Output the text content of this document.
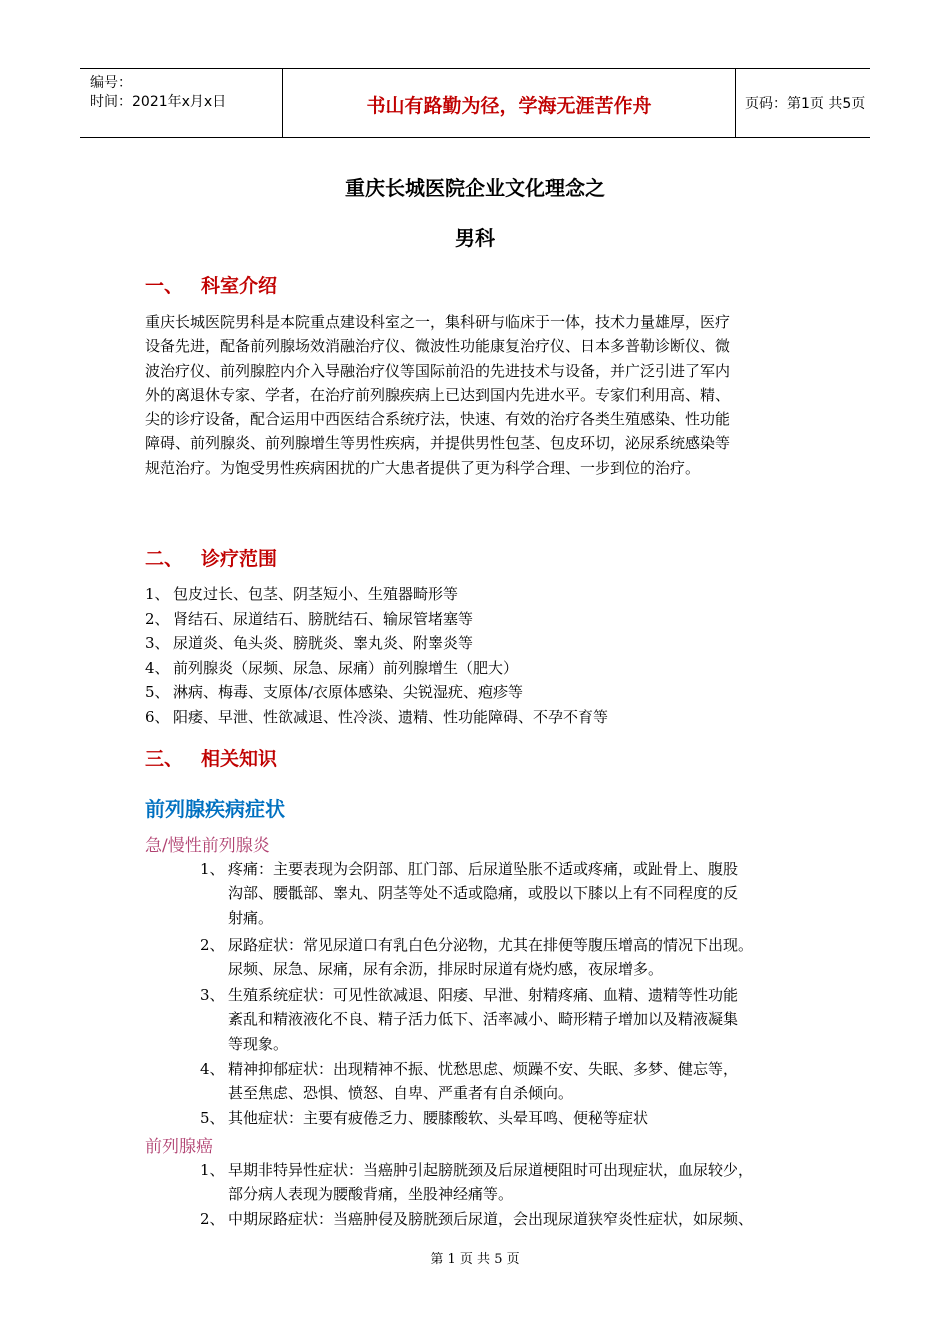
编号：
时间：2021年x月x日	书山有路勤为径，学海无涯苦作舟	页码：第1页 共5页
重庆长城医院企业文化理念之
男科
一、 科室介绍
重庆长城医院男科是本院重点建设科室之一，集科研与临床于一体，技术力量雄厚，医疗
设备先进，配备前列腺场效消融治疗仪、微波性功能康复治疗仪、日本多普勒诊断仪、微
波治疗仪、前列腺腔内介入导融治疗仪等国际前沿的先进技术与设备，并广泛引进了军内
外的离退休专家、学者，在治疗前列腺疾病上已达到国内先进水平。专家们利用高、精、
尖的诊疗设备，配合运用中西医结合系统疗法，快速、有效的治疗各类生殖感染、性功能
障碍、前列腺炎、前列腺增生等男性疾病，并提供男性包茎、包皮环切，泌尿系统感染等
规范治疗。为饱受男性疾病困扰的广大患者提供了更为科学合理、一步到位的治疗。
二、 诊疗范围
1、 包皮过长、包茎、阴茎短小、生殖器畸形等
2、 肾结石、尿道结石、膀胱结石、输尿管堵塞等
3、 尿道炎、龟头炎、膀胱炎、睾丸炎、附睾炎等
4、 前列腺炎（尿频、尿急、尿痛）前列腺增生（肥大）
5、 淋病、梅毒、支原体/衣原体感染、尖锐湿疣、疱疹等
6、 阳痿、早泄、性欲减退、性冷淡、遗精、性功能障碍、不孕不育等
三、 相关知识
前列腺疾病症状
急/慢性前列腺炎
1、 疼痛：主要表现为会阴部、肛门部、后尿道坠胀不适或疼痛，或趾骨上、腹股
沟部、腰骶部、睾丸、阴茎等处不适或隐痛，或股以下膝以上有不同程度的反
射痛。
2、 尿路症状：常见尿道口有乳白色分泌物，尤其在排便等腹压增高的情况下出现。
尿频、尿急、尿痛，尿有余沥，排尿时尿道有烧灼感，夜尿增多。
3、 生殖系统症状：可见性欲减退、阳痿、早泄、射精疼痛、血精、遗精等性功能
紊乱和精液液化不良、精子活力低下、活率减小、畸形精子增加以及精液凝集
等现象。
4、 精神抑郁症状：出现精神不振、忧愁思虑、烦躁不安、失眠、多梦、健忘等，
甚至焦虑、恐惧、愤怒、自卑、严重者有自杀倾向。
5、 其他症状：主要有疲倦乏力、腰膝酸软、头晕耳鸣、便秘等症状
前列腺癌
1、 早期非特异性症状：当癌肿引起膀胱颈及后尿道梗阻时可出现症状，血尿较少，
部分病人表现为腰酸背痛，坐股神经痛等。
2、 中期尿路症状：当癌肿侵及膀胱颈后尿道，会出现尿道狭窄炎性症状，如尿频、
第 1 页 共 5 页
